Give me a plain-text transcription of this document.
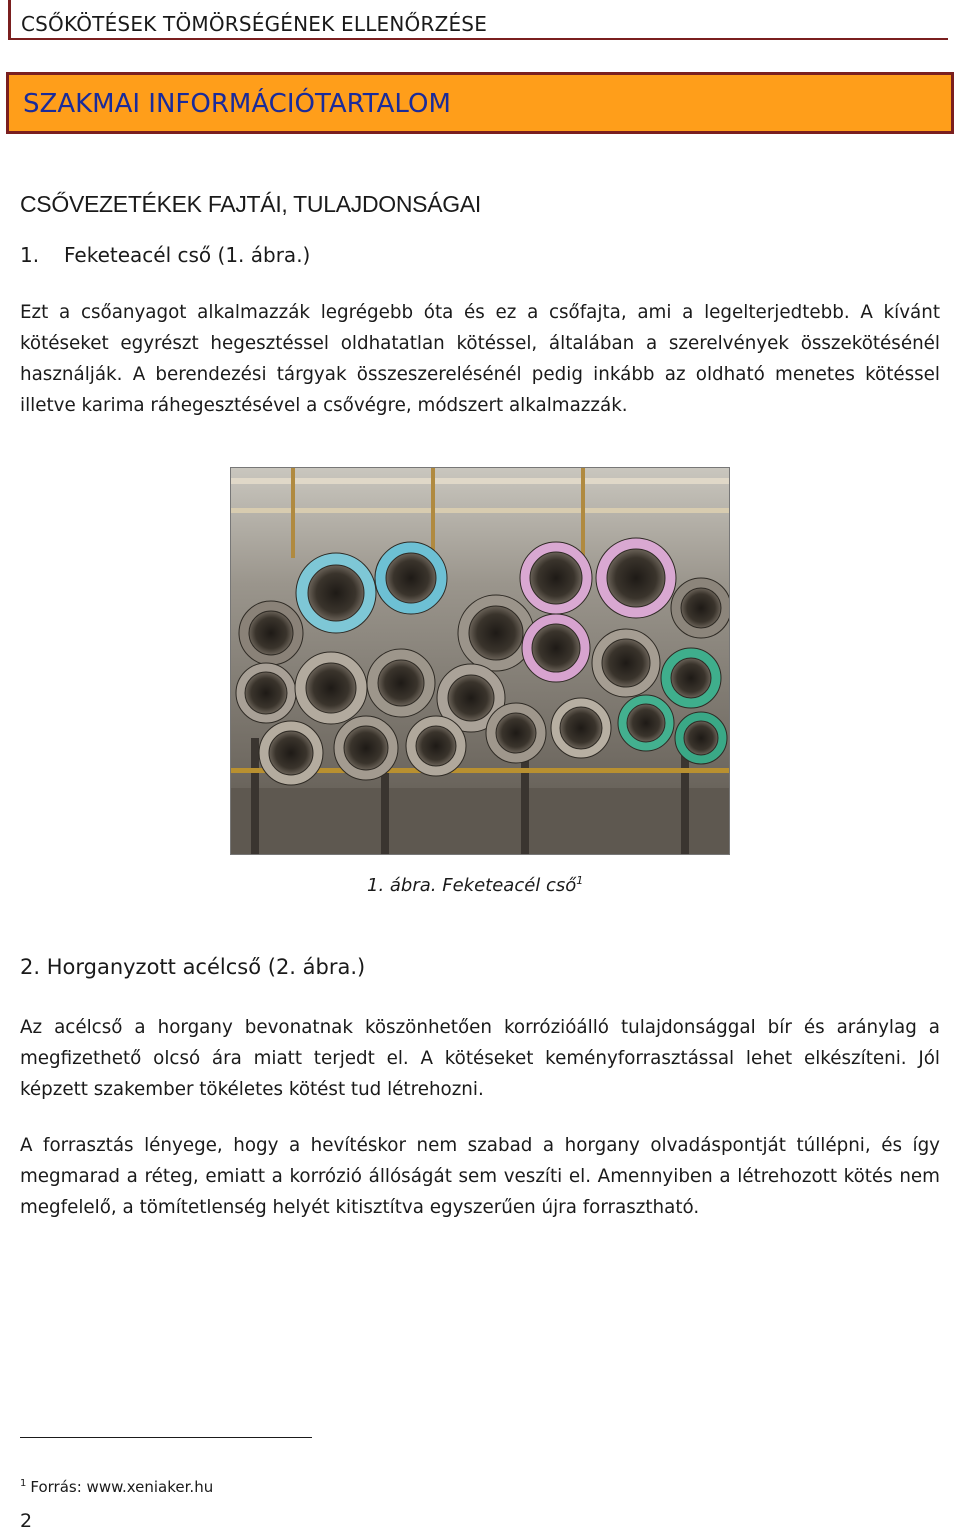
CSŐKÖTÉSEK TÖMÖRSÉGÉNEK ELLENŐRZÉSE
SZAKMAI INFORMÁCIÓTARTALOM
CSŐVEZETÉKEK FAJTÁI, TULAJDONSÁGAI
1. Feketeacél cső (1. ábra.)

Ezt a csőanyagot alkalmazzák legrégebb óta és ez a csőfajta, ami a legelterjedtebb. A kívánt kötéseket egyrészt hegesztéssel oldhatatlan kötéssel, általában a szerelvények összekötésénél használják. A berendezési tárgyak összeszerelésénél pedig inkább az oldható menetes kötéssel illetve karima ráhegesztésével a csővégre, módszert alkalmazzák.

1. ábra. Feketeacél cső$^1$
2. Horganyzott acélcső (2. ábra.)

Az acélcső a horgany bevonatnak köszönhetően korrózióálló tulajdonsággal bír és aránylag a megfizethető olcsó ára miatt terjedt el. A kötéseket keményforrasztással lehet elkészíteni. Jól képzett szakember tökéletes kötést tud létrehozni.

A forrasztás lényege, hogy a hevítéskor nem szabad a horgany olvadáspontját túllépni, és így megmarad a réteg, emiatt a korrózió állóságát sem veszíti el. Amennyiben a létrehozott kötés nem megfelelő, a tömítetlenség helyét kitisztítva egyszerűen újra forrasztható.

$^1$ Forrás: www.xeniaker.hu
2
